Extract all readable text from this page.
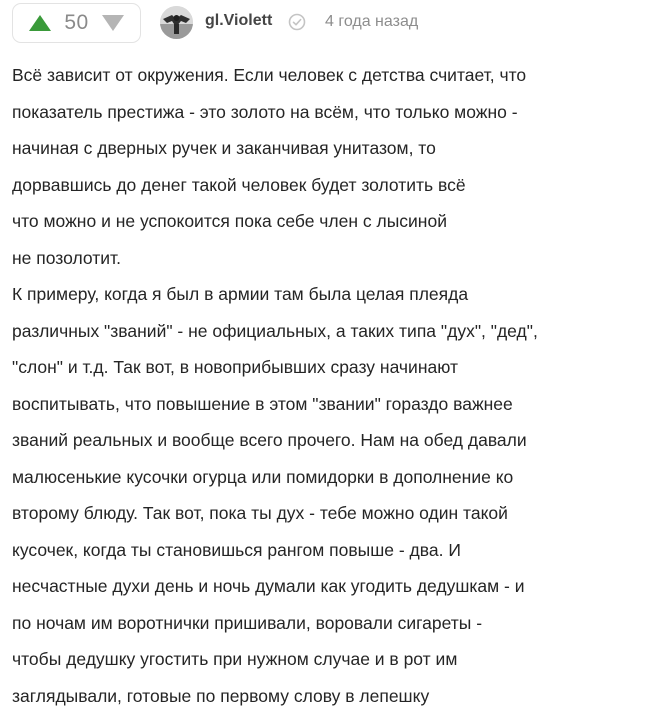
50	gl.Violett	4 года назад
Всё зависит от окружения. Если человек с детства считает, что
показатель престижа - это золото на всём, что только можно -
начиная с дверных ручек и заканчивая унитазом, то
дорвавшись до денег такой человек будет золотить всё
что можно и не успокоится пока себе член с лысиной
не позолотит.
К примеру, когда я был в армии там была целая плеяда
различных "званий" - не официальных, а таких типа "дух", "дед",
"слон" и т.д. Так вот, в новоприбывших сразу начинают
воспитывать, что повышение в этом "звании" гораздо важнее
званий реальных и вообще всего прочего. Нам на обед давали
малюсенькие кусочки огурца или помидорки в дополнение ко
второму блюду. Так вот, пока ты дух - тебе можно один такой
кусочек, когда ты становишься рангом повыше - два. И
несчастные духи день и ночь думали как угодить дедушкам - и
по ночам им воротнички пришивали, воровали сигареты -
чтобы дедушку угостить при нужном случае и в рот им
заглядывали, готовые по первому слову в лепешку
